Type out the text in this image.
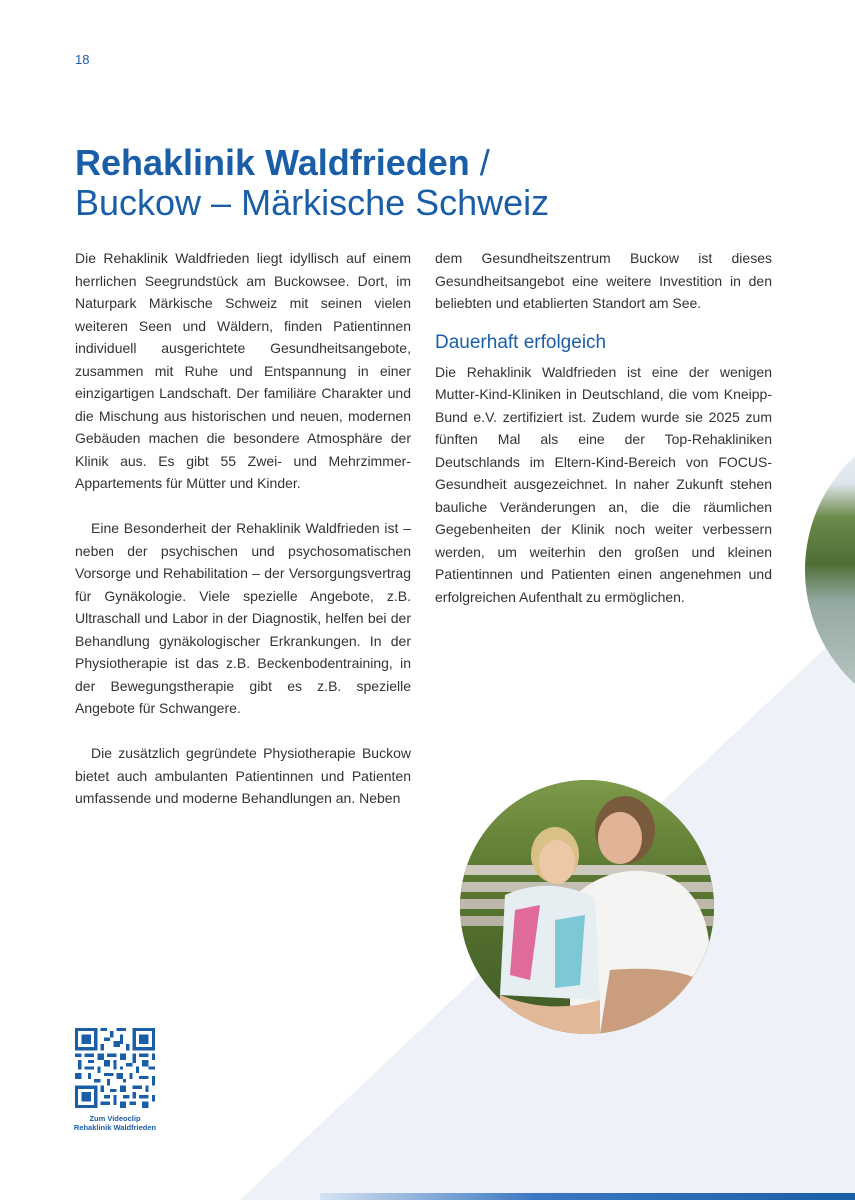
18
Rehaklinik Waldfrieden /
Buckow – Märkische Schweiz

Die Rehaklinik Waldfrieden liegt idyllisch auf einem herrlichen Seegrundstück am Buckowsee. Dort, im Naturpark Märkische Schweiz mit seinen vielen weiteren Seen und Wäldern, finden Patientinnen individuell ausgerichtete Gesundheitsangebote, zusammen mit Ruhe und Entspannung in einer einzigartigen Landschaft. Der familiäre Charakter und die Mischung aus historischen und neuen, modernen Gebäuden machen die besondere Atmosphäre der Klinik aus. Es gibt 55 Zwei- und Mehrzimmer-Appartements für Mütter und Kinder.

Eine Besonderheit der Rehaklinik Waldfrieden ist – neben der psychischen und psychosomatischen Vorsorge und Rehabilitation – der Versorgungsvertrag für Gynäkologie. Viele spezielle Angebote, z.B. Ultraschall und Labor in der Diagnostik, helfen bei der Behandlung gynäkologischer Erkrankungen. In der Physiotherapie ist das z.B. Beckenbodentraining, in der Bewegungstherapie gibt es z.B. spezielle Angebote für Schwangere.

Die zusätzlich gegründete Physiotherapie Buckow bietet auch ambulanten Patientinnen und Patienten umfassende und moderne Behandlungen an. Neben

dem Gesundheitszentrum Buckow ist dieses Gesundheitsangebot eine weitere Investition in den beliebten und etablierten Standort am See.

Dauerhaft erfolgeich

Die Rehaklinik Waldfrieden ist eine der wenigen Mutter-Kind-Kliniken in Deutschland, die vom Kneipp-Bund e.V. zertifiziert ist. Zudem wurde sie 2025 zum fünften Mal als eine der Top-Rehakliniken Deutschlands im Eltern-Kind-Bereich von FOCUS-Gesundheit ausgezeichnet. In naher Zukunft stehen bauliche Veränderungen an, die die räumlichen Gegebenheiten der Klinik noch weiter verbessern werden, um weiterhin den großen und kleinen Patientinnen und Patienten einen angenehmen und erfolgreichen Aufenthalt zu ermöglichen.

Zum Videoclip
Rehaklinik Waldfrieden
